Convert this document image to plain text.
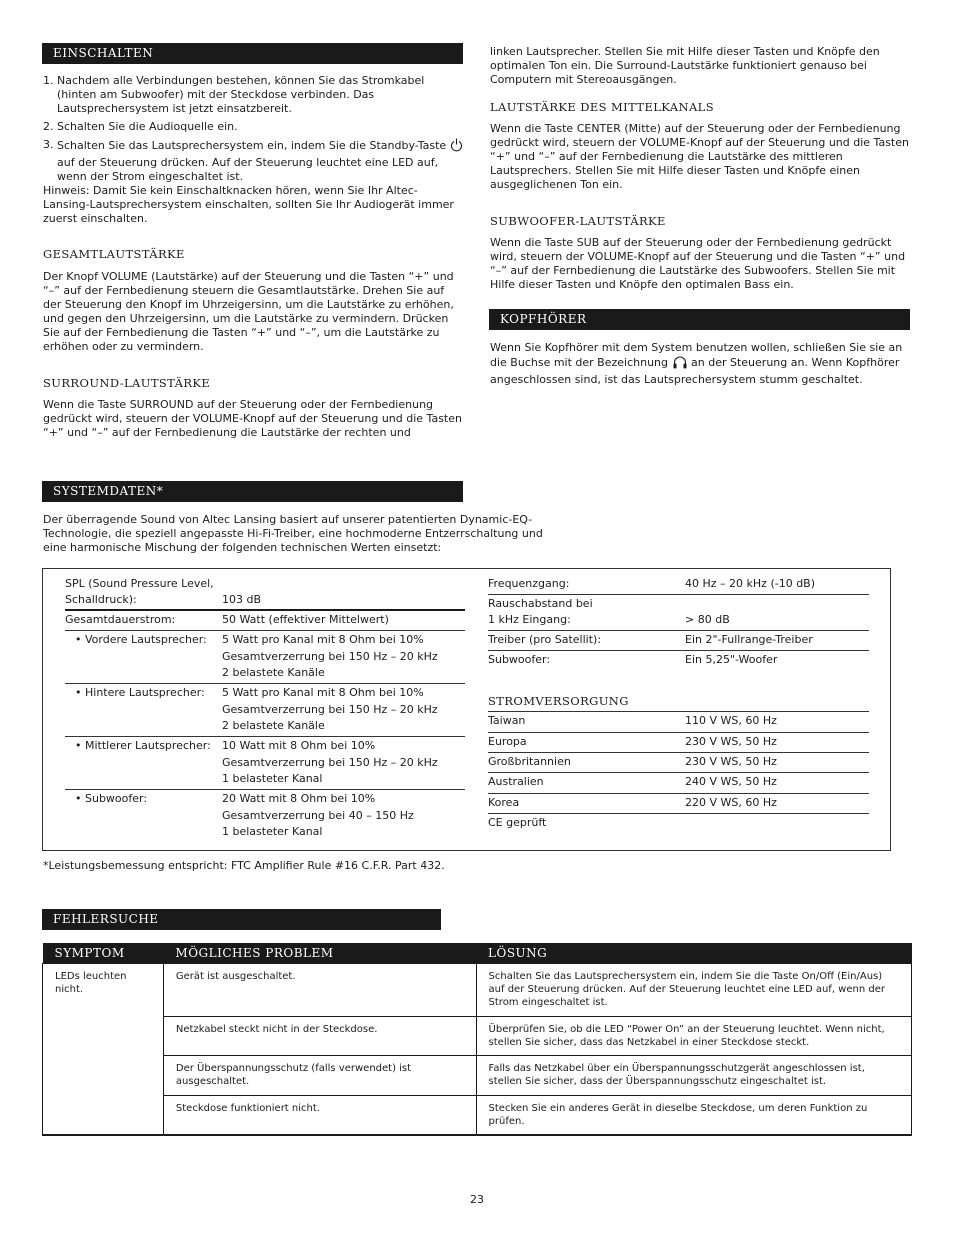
EINSCHALTEN
1. Nachdem alle Verbindungen bestehen, können Sie das Stromkabel (hinten am Subwoofer) mit der Steckdose verbinden. Das Lautsprechersystem ist jetzt einsatzbereit.
2. Schalten Sie die Audioquelle ein.
3. Schalten Sie das Lautsprechersystem ein, indem Sie die Standby-Taste  auf der Steuerung drücken. Auf der Steuerung leuchtet eine LED auf, wenn der Strom eingeschaltet ist.

Hinweis: Damit Sie kein Einschaltknacken hören, wenn Sie Ihr Altec-Lansing-Lautsprechersystem einschalten, sollten Sie Ihr Audiogerät immer zuerst einschalten.

GESAMTLAUTSTÄRKE

Der Knopf VOLUME (Lautstärke) auf der Steuerung und die Tasten “+” und “–” auf der Fernbedienung steuern die Gesamtlautstärke. Drehen Sie auf der Steuerung den Knopf im Uhrzeigersinn, um die Lautstärke zu erhöhen, und gegen den Uhrzeigersinn, um die Lautstärke zu vermindern. Drücken Sie auf der Fernbedienung die Tasten “+” und “–”, um die Lautstärke zu erhöhen oder zu vermindern.

SURROUND-LAUTSTÄRKE

Wenn die Taste SURROUND auf der Steuerung oder der Fernbedienung gedrückt wird, steuern der VOLUME-Knopf auf der Steuerung und die Tasten “+” und “–” auf der Fernbedienung die Lautstärke der rechten und

linken Lautsprecher. Stellen Sie mit Hilfe dieser Tasten und Knöpfe den optimalen Ton ein. Die Surround-Lautstärke funktioniert genauso bei Computern mit Stereoausgängen.

LAUTSTÄRKE DES MITTELKANALS

Wenn die Taste CENTER (Mitte) auf der Steuerung oder der Fernbedienung gedrückt wird, steuern der VOLUME-Knopf auf der Steuerung und die Tasten “+” und “–” auf der Fernbedienung die Lautstärke des mittleren Lautsprechers. Stellen Sie mit Hilfe dieser Tasten und Knöpfe einen ausgeglichenen Ton ein.

SUBWOOFER-LAUTSTÄRKE

Wenn die Taste SUB auf der Steuerung oder der Fernbedienung gedrückt wird, steuern der VOLUME-Knopf auf der Steuerung und die Tasten “+” und “–” auf der Fernbedienung die Lautstärke des Subwoofers. Stellen Sie mit Hilfe dieser Tasten und Knöpfe den optimalen Bass ein.

KOPFHÖRER

Wenn Sie Kopfhörer mit dem System benutzen wollen, schließen Sie sie an die Buchse mit der Bezeichnung an der Steuerung an. Wenn Kopfhörer angeschlossen sind, ist das Lautsprechersystem stumm geschaltet.

SYSTEMDATEN*

Der überragende Sound von Altec Lansing basiert auf unserer patentierten Dynamic-EQ-Technologie, die speziell angepasste Hi-Fi-Treiber, eine hochmoderne Entzerrschaltung und eine harmonische Mischung der folgenden technischen Werten einsetzt:

SPL (Sound Pressure Level,
Schalldruck):	103 dB
Gesamtdauerstrom:	50 Watt (effektiver Mittelwert)
• Vordere Lautsprecher: 5 Watt pro Kanal mit 8 Ohm bei 10%
Gesamtverzerrung bei 150 Hz – 20 kHz
2 belastete Kanäle
• Hintere Lautsprecher: 5 Watt pro Kanal mit 8 Ohm bei 10%
Gesamtverzerrung bei 150 Hz – 20 kHz
2 belastete Kanäle
• Mittlerer Lautsprecher: 10 Watt mit 8 Ohm bei 10%
Gesamtverzerrung bei 150 Hz – 20 kHz
1 belasteter Kanal
• Subwoofer:	20 Watt mit 8 Ohm bei 10%
Gesamtverzerrung bei 40 – 150 Hz
1 belasteter Kanal
Frequenzgang:	40 Hz – 20 kHz (-10 dB)
Rauschabstand bei
1 kHz Eingang:	> 80 dB
Treiber (pro Satellit):	Ein 2"-Fullrange-Treiber
Subwoofer:	Ein 5,25"-Woofer
STROMVERSORGUNG
Taiwan	110 V WS, 60 Hz
Europa	230 V WS, 50 Hz
Großbritannien	230 V WS, 50 Hz
Australien	240 V WS, 50 Hz
Korea	220 V WS, 60 Hz
CE geprüft

*Leistungsbemessung entspricht: FTC Amplifier Rule #16 C.F.R. Part 432.

FEHLERSUCHE
SYMPTOM	MÖGLICHES PROBLEM	LÖSUNG
LEDs leuchten nicht.	Gerät ist ausgeschaltet.	Schalten Sie das Lautsprechersystem ein, indem Sie die Taste On/Off (Ein/Aus) auf der Steuerung drücken. Auf der Steuerung leuchtet eine LED auf, wenn der Strom eingeschaltet ist.
	Netzkabel steckt nicht in der Steckdose.	Überprüfen Sie, ob die LED “Power On” an der Steuerung leuchtet. Wenn nicht, stellen Sie sicher, dass das Netzkabel in einer Steckdose steckt.
	Der Überspannungsschutz (falls verwendet) ist ausgeschaltet.	Falls das Netzkabel über ein Überspannungsschutzgerät angeschlossen ist, stellen Sie sicher, dass der Überspannungsschutz eingeschaltet ist.
	Steckdose funktioniert nicht.	Stecken Sie ein anderes Gerät in dieselbe Steckdose, um deren Funktion zu prüfen.
23
